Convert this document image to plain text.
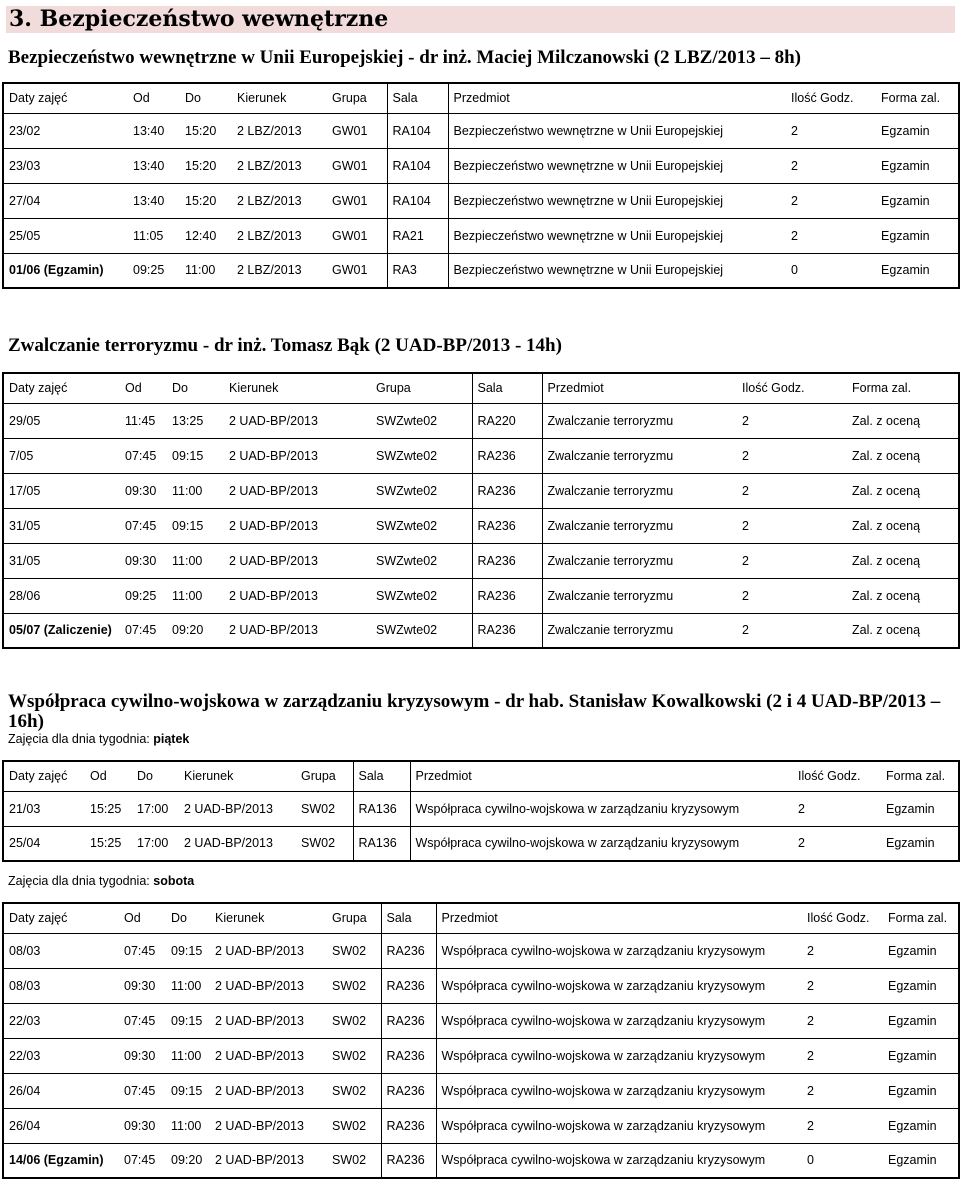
3. Bezpieczeństwo wewnętrzne
Bezpieczeństwo wewnętrzne w Unii Europejskiej - dr inż. Maciej Milczanowski (2 LBZ/2013 – 8h)
Daty zajęć	Od	Do	Kierunek	Grupa	Sala	Przedmiot	Ilość Godz.	Forma zal.
23/02	13:40	15:20	2 LBZ/2013	GW01	RA104	Bezpieczeństwo wewnętrzne w Unii Europejskiej	2	Egzamin
23/03	13:40	15:20	2 LBZ/2013	GW01	RA104	Bezpieczeństwo wewnętrzne w Unii Europejskiej	2	Egzamin
27/04	13:40	15:20	2 LBZ/2013	GW01	RA104	Bezpieczeństwo wewnętrzne w Unii Europejskiej	2	Egzamin
25/05	11:05	12:40	2 LBZ/2013	GW01	RA21	Bezpieczeństwo wewnętrzne w Unii Europejskiej	2	Egzamin
01/06 (Egzamin)	09:25	11:00	2 LBZ/2013	GW01	RA3	Bezpieczeństwo wewnętrzne w Unii Europejskiej	0	Egzamin
Zwalczanie terroryzmu - dr inż. Tomasz Bąk (2 UAD-BP/2013 - 14h)
Daty zajęć	Od	Do	Kierunek	Grupa	Sala	Przedmiot	Ilość Godz.	Forma zal.
29/05	11:45	13:25	2 UAD-BP/2013	SWZwte02	RA220	Zwalczanie terroryzmu	2	Zal. z oceną
7/05	07:45	09:15	2 UAD-BP/2013	SWZwte02	RA236	Zwalczanie terroryzmu	2	Zal. z oceną
17/05	09:30	11:00	2 UAD-BP/2013	SWZwte02	RA236	Zwalczanie terroryzmu	2	Zal. z oceną
31/05	07:45	09:15	2 UAD-BP/2013	SWZwte02	RA236	Zwalczanie terroryzmu	2	Zal. z oceną
31/05	09:30	11:00	2 UAD-BP/2013	SWZwte02	RA236	Zwalczanie terroryzmu	2	Zal. z oceną
28/06	09:25	11:00	2 UAD-BP/2013	SWZwte02	RA236	Zwalczanie terroryzmu	2	Zal. z oceną
05/07 (Zaliczenie)	07:45	09:20	2 UAD-BP/2013	SWZwte02	RA236	Zwalczanie terroryzmu	2	Zal. z oceną
Współpraca cywilno-wojskowa w zarządzaniu kryzysowym - dr hab. Stanisław Kowalkowski (2 i 4 UAD-BP/2013 – 16h)
Zajęcia dla dnia tygodnia: piątek
Daty zajęć	Od	Do	Kierunek	Grupa	Sala	Przedmiot	Ilość Godz.	Forma zal.
21/03	15:25	17:00	2 UAD-BP/2013	SW02	RA136	Współpraca cywilno-wojskowa w zarządzaniu kryzysowym	2	Egzamin
25/04	15:25	17:00	2 UAD-BP/2013	SW02	RA136	Współpraca cywilno-wojskowa w zarządzaniu kryzysowym	2	Egzamin
Zajęcia dla dnia tygodnia: sobota
Daty zajęć	Od	Do	Kierunek	Grupa	Sala	Przedmiot	Ilość Godz.	Forma zal.
08/03	07:45	09:15	2 UAD-BP/2013	SW02	RA236	Współpraca cywilno-wojskowa w zarządzaniu kryzysowym	2	Egzamin
08/03	09:30	11:00	2 UAD-BP/2013	SW02	RA236	Współpraca cywilno-wojskowa w zarządzaniu kryzysowym	2	Egzamin
22/03	07:45	09:15	2 UAD-BP/2013	SW02	RA236	Współpraca cywilno-wojskowa w zarządzaniu kryzysowym	2	Egzamin
22/03	09:30	11:00	2 UAD-BP/2013	SW02	RA236	Współpraca cywilno-wojskowa w zarządzaniu kryzysowym	2	Egzamin
26/04	07:45	09:15	2 UAD-BP/2013	SW02	RA236	Współpraca cywilno-wojskowa w zarządzaniu kryzysowym	2	Egzamin
26/04	09:30	11:00	2 UAD-BP/2013	SW02	RA236	Współpraca cywilno-wojskowa w zarządzaniu kryzysowym	2	Egzamin
14/06 (Egzamin)	07:45	09:20	2 UAD-BP/2013	SW02	RA236	Współpraca cywilno-wojskowa w zarządzaniu kryzysowym	0	Egzamin
